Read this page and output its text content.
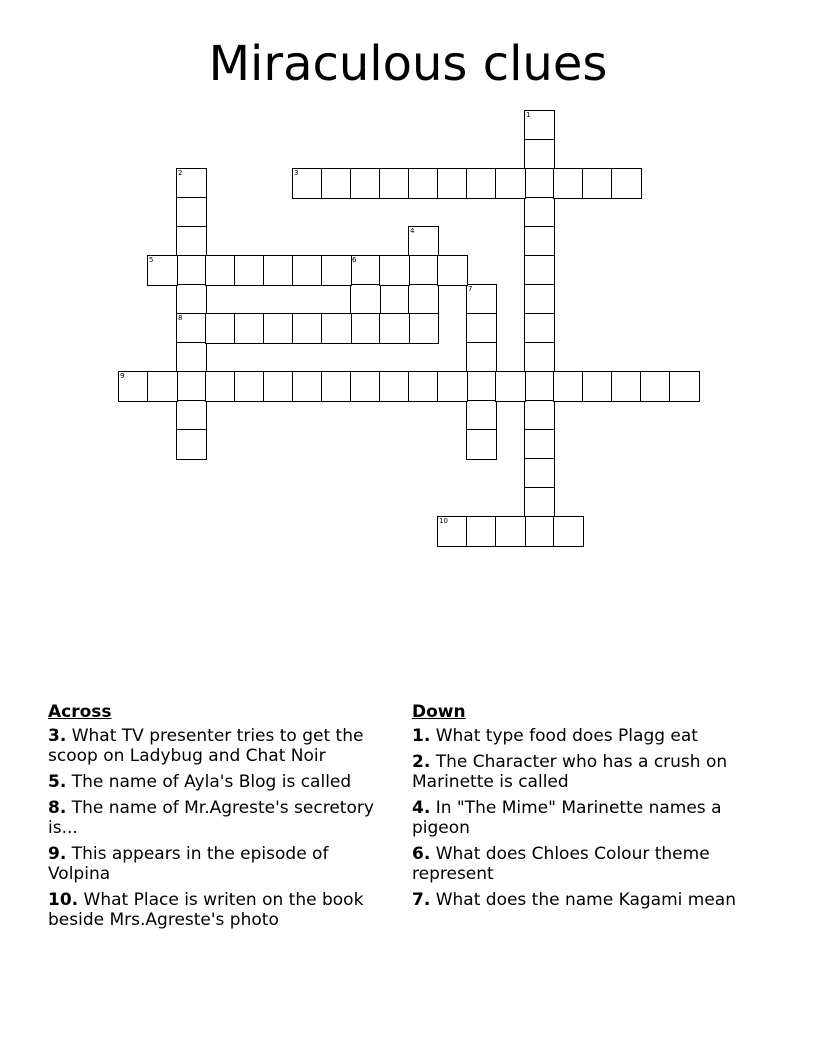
Miraculous clues
1
2
8
3
4
6
7
5
9
10
Across
3. What TV presenter tries to get the scoop on Ladybug and Chat Noir
5. The name of Ayla's Blog is called
8. The name of Mr.Agreste's secretory is...
9. This appears in the episode of Volpina
10. What Place is writen on the book beside Mrs.Agreste's photo
Down
1. What type food does Plagg eat
2. The Character who has a crush on Marinette is called
4. In "The Mime" Marinette names a pigeon
6. What does Chloes Colour theme represent
7. What does the name Kagami mean
